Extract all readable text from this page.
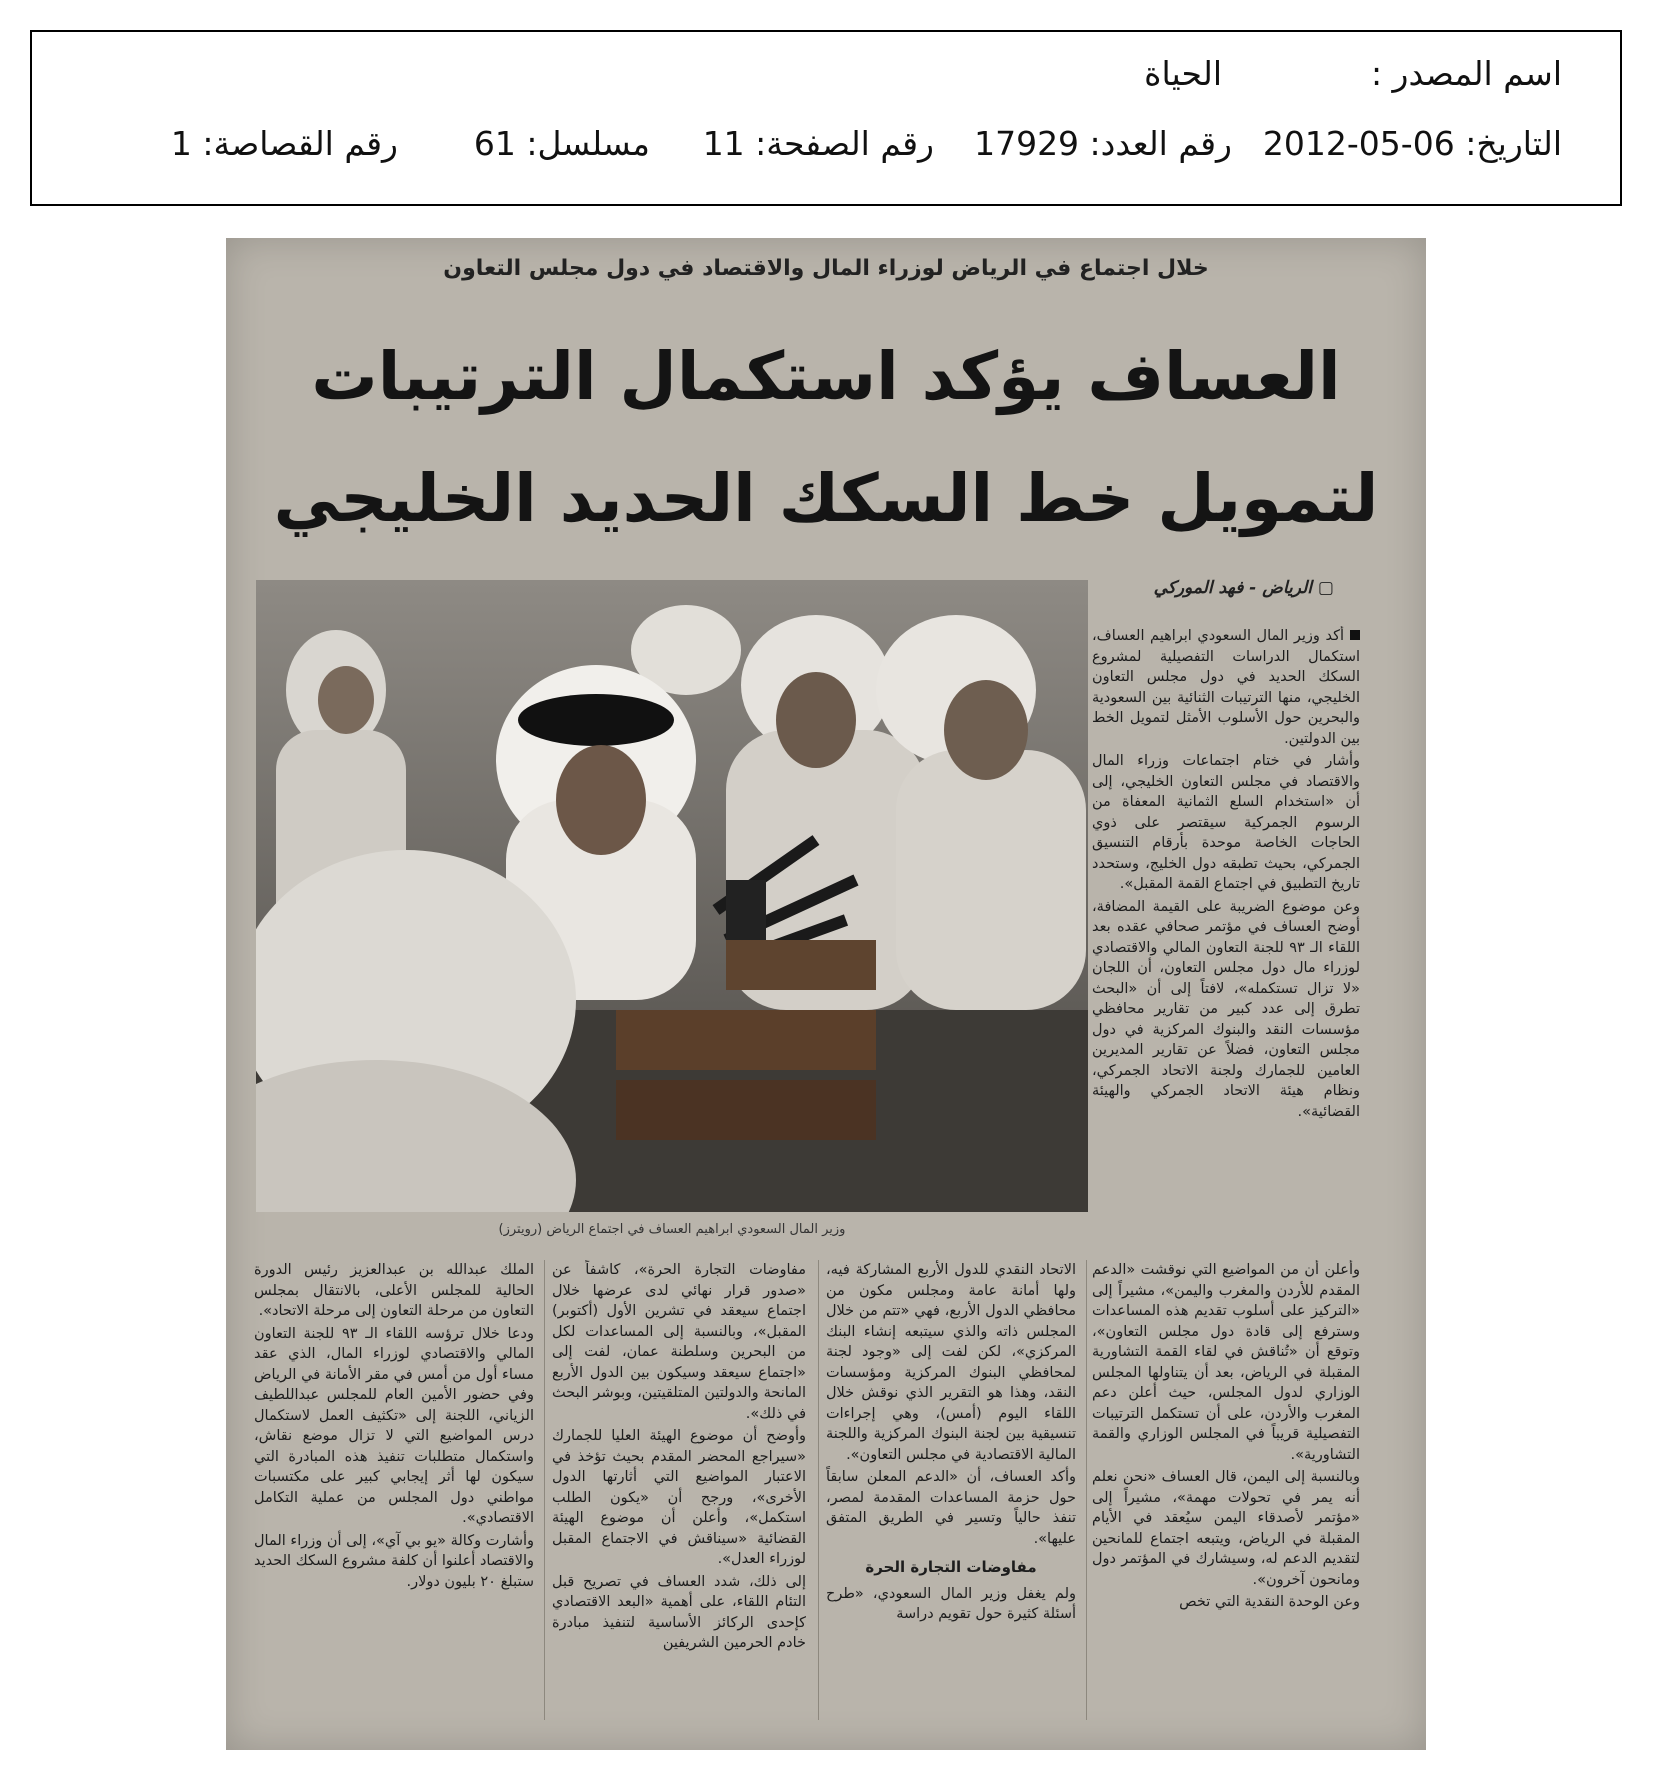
اسم المصدر :
الحياة
التاريخ: 06-05-2012
رقم العدد: 17929
رقم الصفحة: 11
مسلسل: 61
رقم القصاصة: 1
خلال اجتماع في الرياض لوزراء المال والاقتصاد في دول مجلس التعاون
العساف يؤكد استكمال الترتيبات
لتمويل خط السكك الحديد الخليجي
▢ الرياض - فهد الموركي
وزير المال السعودي ابراهيم العساف في اجتماع الرياض (رويترز)

أكد وزير المال السعودي ابراهيم العساف، استكمال الدراسات التفصيلية لمشروع السكك الحديد في دول مجلس التعاون الخليجي، منها الترتيبات الثنائية بين السعودية والبحرين حول الأسلوب الأمثل لتمويل الخط بين الدولتين.

وأشار في ختام اجتماعات وزراء المال والاقتصاد في مجلس التعاون الخليجي، إلى أن «استخدام السلع الثمانية المعفاة من الرسوم الجمركية سيقتصر على ذوي الحاجات الخاصة موحدة بأرقام التنسيق الجمركي، بحيث تطبقه دول الخليج، وستحدد تاريخ التطبيق في اجتماع القمة المقبل».

وعن موضوع الضريبة على القيمة المضافة، أوضح العساف في مؤتمر صحافي عقده بعد اللقاء الـ ٩٣ للجنة التعاون المالي والاقتصادي لوزراء مال دول مجلس التعاون، أن اللجان «لا تزال تستكمله»، لافتاً إلى أن «البحث تطرق إلى عدد كبير من تقارير محافظي مؤسسات النقد والبنوك المركزية في دول مجلس التعاون، فضلاً عن تقارير المديرين العامين للجمارك ولجنة الاتحاد الجمركي، ونظام هيئة الاتحاد الجمركي والهيئة القضائية».

وأعلن أن من المواضيع التي نوقشت «الدعم المقدم للأردن والمغرب واليمن»، مشيراً إلى «التركيز على أسلوب تقديم هذه المساعدات وسترفع إلى قادة دول مجلس التعاون»، وتوقع أن «تُناقش في لقاء القمة التشاورية المقبلة في الرياض، بعد أن يتناولها المجلس الوزاري لدول المجلس، حيث أعلن دعم المغرب والأردن، على أن تستكمل الترتيبات التفصيلية قريباً في المجلس الوزاري والقمة التشاورية».

وبالنسبة إلى اليمن، قال العساف «نحن نعلم أنه يمر في تحولات مهمة»، مشيراً إلى «مؤتمر لأصدقاء اليمن سيُعقد في الأيام المقبلة في الرياض، ويتبعه اجتماع للمانحين لتقديم الدعم له، وسيشارك في المؤتمر دول ومانحون آخرون».

وعن الوحدة النقدية التي تخص

الاتحاد النقدي للدول الأربع المشاركة فيه، ولها أمانة عامة ومجلس مكون من محافظي الدول الأربع، فهي «تتم من خلال المجلس ذاته والذي سيتبعه إنشاء البنك المركزي»، لكن لفت إلى «وجود لجنة لمحافظي البنوك المركزية ومؤسسات النقد، وهذا هو التقرير الذي نوقش خلال اللقاء اليوم (أمس)، وهي إجراءات تنسيقية بين لجنة البنوك المركزية واللجنة المالية الاقتصادية في مجلس التعاون».

وأكد العساف، أن «الدعم المعلن سابقاً حول حزمة المساعدات المقدمة لمصر، تنفذ حالياً وتسير في الطريق المتفق عليها».

مفاوضات التجارة الحرة

ولم يغفل وزير المال السعودي، «طرح أسئلة كثيرة حول تقويم دراسة

مفاوضات التجارة الحرة»، كاشفاً عن «صدور قرار نهائي لدى عرضها خلال اجتماع سيعقد في تشرين الأول (أكتوبر) المقبل»، وبالنسبة إلى المساعدات لكل من البحرين وسلطنة عمان، لفت إلى «اجتماع سيعقد وسيكون بين الدول الأربع المانحة والدولتين المتلقيتين، وبوشر البحث في ذلك».

وأوضح أن موضوع الهيئة العليا للجمارك «سيراجع المحضر المقدم بحيث تؤخذ في الاعتبار المواضيع التي أثارتها الدول الأخرى»، ورجح أن «يكون الطلب استكمل»، وأعلن أن موضوع الهيئة القضائية «سيناقش في الاجتماع المقبل لوزراء العدل».

إلى ذلك، شدد العساف في تصريح قبل التئام اللقاء، على أهمية «البعد الاقتصادي كإحدى الركائز الأساسية لتنفيذ مبادرة خادم الحرمين الشريفين

الملك عبدالله بن عبدالعزيز رئيس الدورة الحالية للمجلس الأعلى، بالانتقال بمجلس التعاون من مرحلة التعاون إلى مرحلة الاتحاد».

ودعا خلال ترؤسه اللقاء الـ ٩٣ للجنة التعاون المالي والاقتصادي لوزراء المال، الذي عقد مساء أول من أمس في مقر الأمانة في الرياض وفي حضور الأمين العام للمجلس عبداللطيف الزياني، اللجنة إلى «تكثيف العمل لاستكمال درس المواضيع التي لا تزال موضع نقاش، واستكمال متطلبات تنفيذ هذه المبادرة التي سيكون لها أثر إيجابي كبير على مكتسبات مواطني دول المجلس من عملية التكامل الاقتصادي».

وأشارت وكالة «يو بي آي»، إلى أن وزراء المال والاقتصاد أعلنوا أن كلفة مشروع السكك الحديد ستبلغ ٢٠ بليون دولار.
